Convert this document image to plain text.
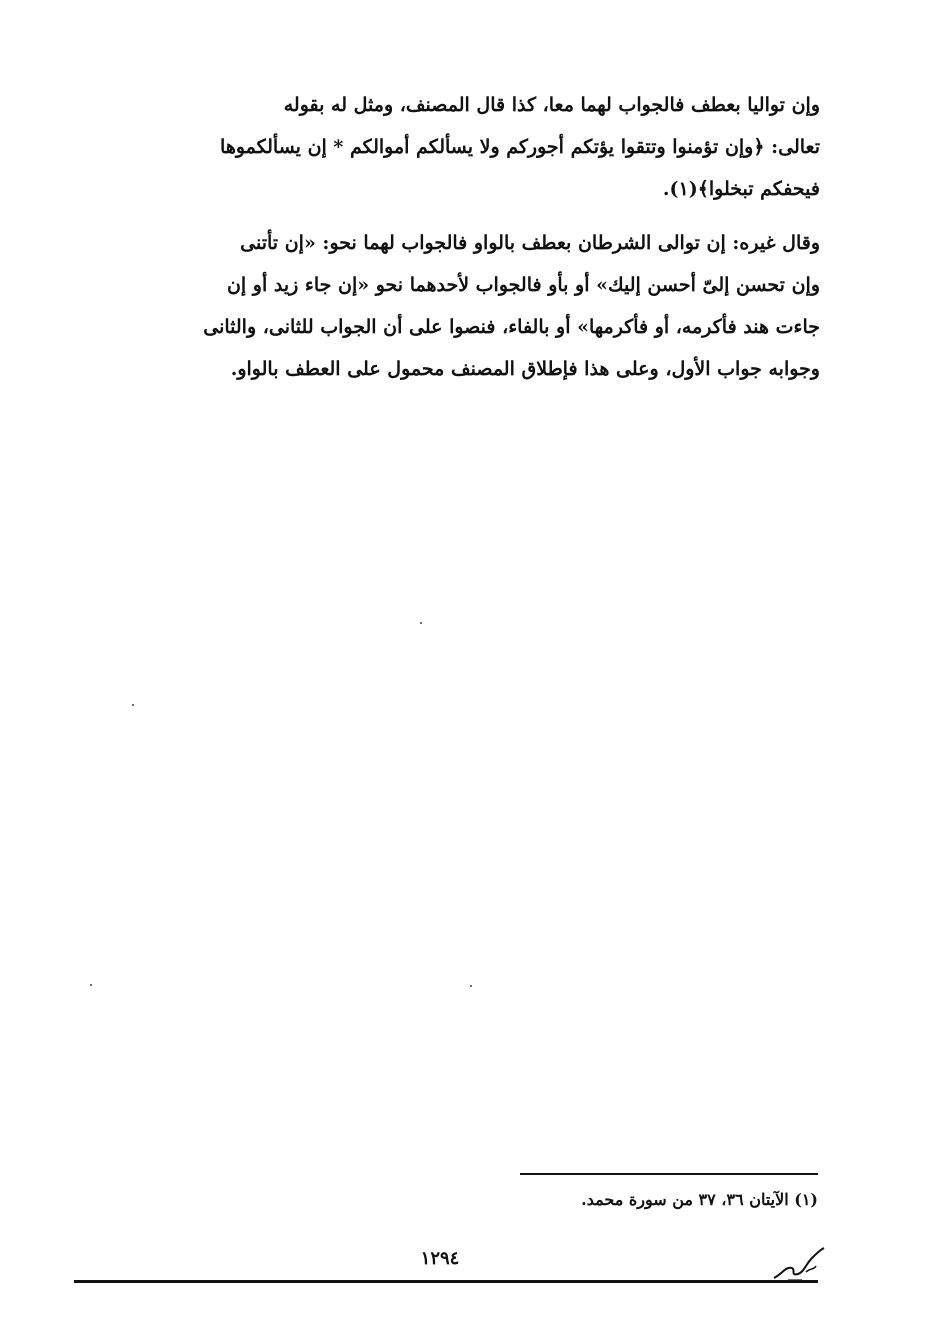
وإن تواليا بعطف فالجواب لهما معا، كذا قال المصنف، ومثل له بقوله
تعالى: ﴿وإن تؤمنوا وتتقوا يؤتكم أجوركم ولا يسألكم أموالكم * إن يسألكموها
فيحفكم تبخلوا﴾(١).
وقال غيره: إن توالى الشرطان بعطف بالواو فالجواب لهما نحو: «إن تأتنى
وإن تحسن إلىّ أحسن إليك» أو بأو فالجواب لأحدهما نحو «إن جاء زيد أو إن
جاءت هند فأكرمه، أو فأكرمها» أو بالفاء، فنصوا على أن الجواب للثانى، والثانى
وجوابه جواب الأول، وعلى هذا فإطلاق المصنف محمول على العطف بالواو.
(١) الآيتان ٣٦، ٣٧ من سورة محمد.
١٢٩٤
